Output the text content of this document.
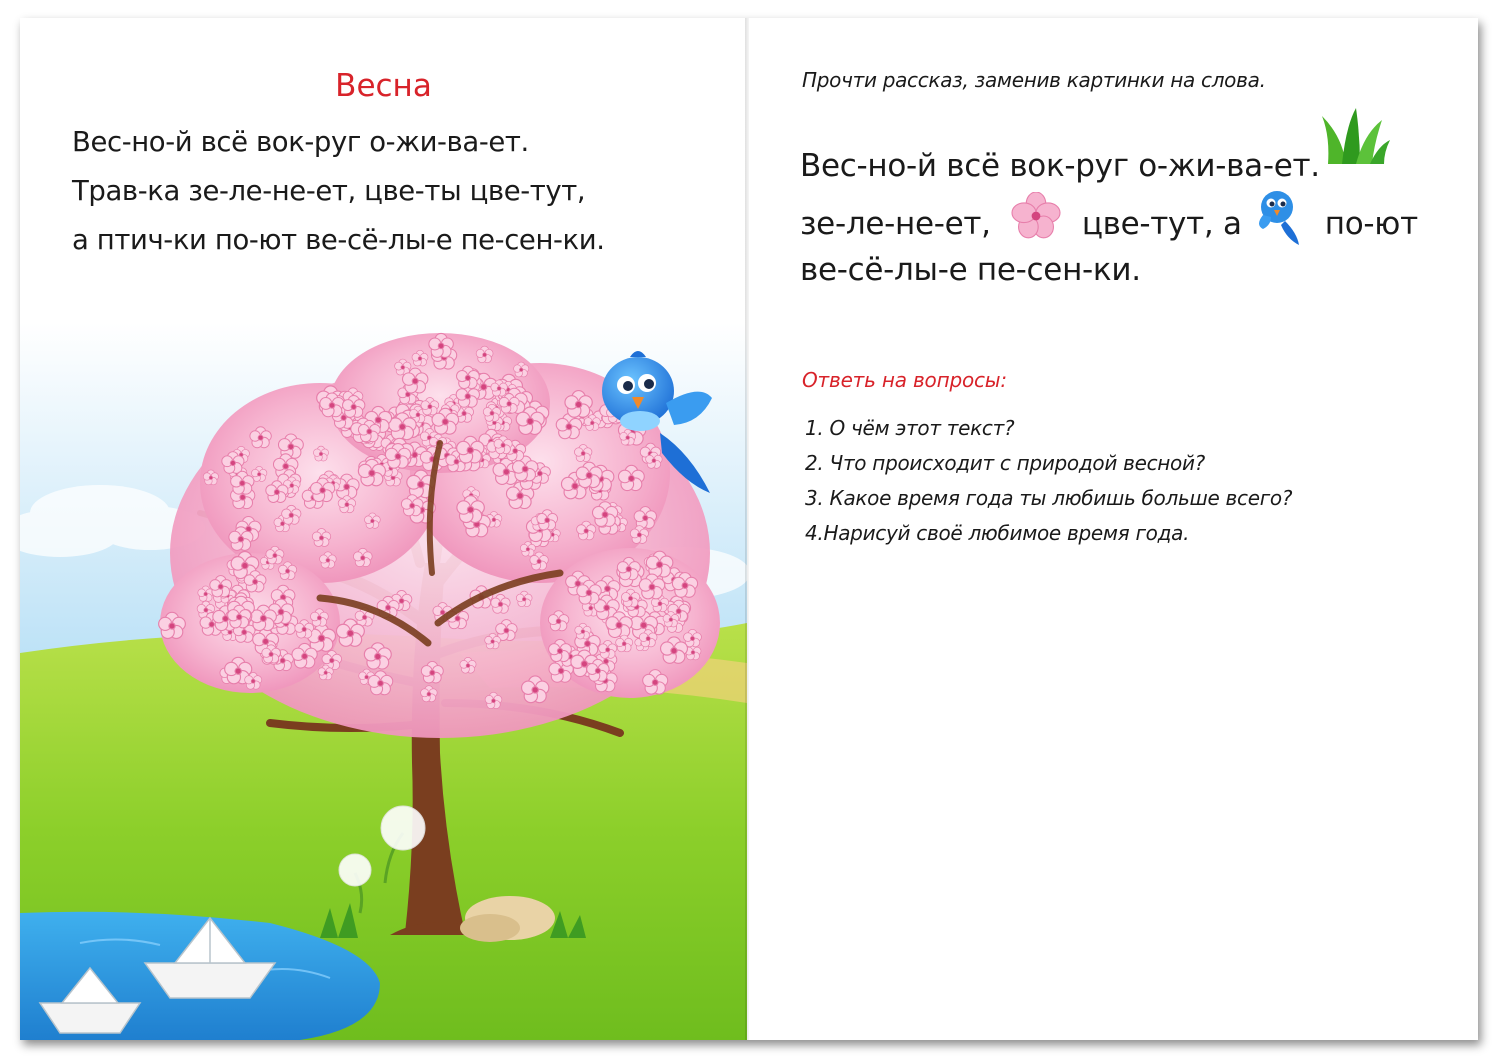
Весна
Вес-но-й всё вок-руг о-жи-ва-ет.
Трав-ка зе-ле-не-ет, цве-ты цве-тут,
а птич-ки по-ют ве-сё-лы-е пе-сен-ки.
Прочти рассказ, заменив картинки на слова.
Вес-но-й всё вок-руг о-жи-ва-ет.
зе-ле-не-ет,	цве-тут, а	по-ют
ве-сё-лы-е пе-сен-ки.
Ответь на вопросы:
1. О чём этот текст?
2. Что происходит с природой весной?
3. Какое время года ты любишь больше всего?
4.Нарисуй своё любимое время года.
